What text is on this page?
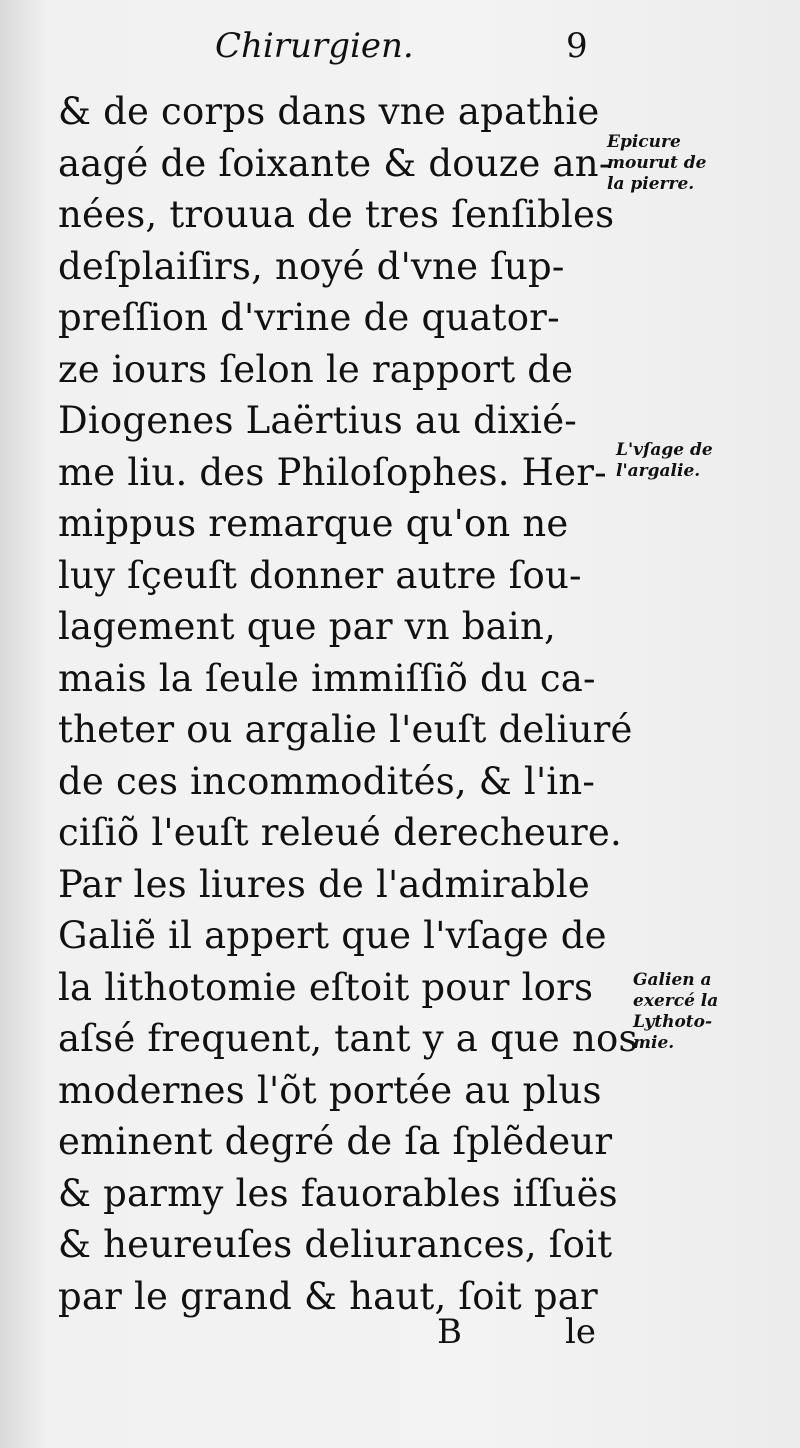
Chirurgien.	9
& de corps dans vne apathie
aagé de ſoixante & douze an-
nées, trouua de tres ſenſibles
deſplaiſirs, noyé d'vne ſup-
preſſion d'vrine de quator-
ze iours ſelon le rapport de
Diogenes Laërtius au dixié-
me liu. des Philoſophes. Her-
mippus remarque qu'on ne
luy ſçeuſt donner autre ſou-
lagement que par vn bain,
mais la ſeule immiſſiõ du ca-
theter ou argalie l'euſt deliuré
de ces incommodités, & l'in-
ciſiõ l'euſt releué derecheure.
Par les liures de l'admirable
Galiẽ il appert que l'vſage de
la lithotomie eſtoit pour lors
aſsé frequent, tant y a que nos
modernes l'õt portée au plus
eminent degré de ſa ſplẽdeur
& parmy les fauorables iſſuës
& heureuſes deliurances, ſoit
par le grand & haut, ſoit par
Epicure
mourut de
la pierre.
L'vſage de
l'argalie.
Galien a
exercé la
Lythoto-
mie.
B	le
